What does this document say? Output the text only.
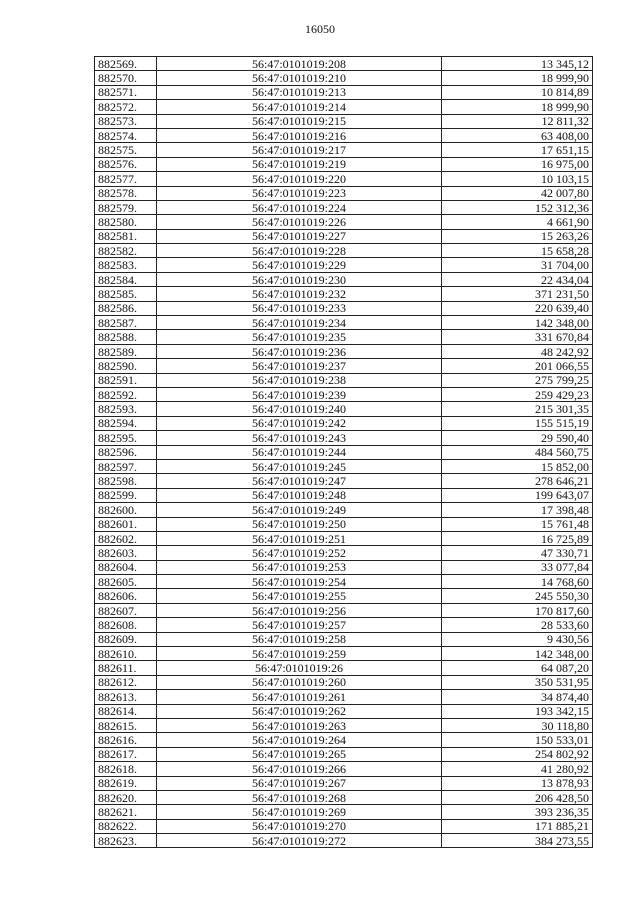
16050
882569.	56:47:0101019:208	13 345,12
882570.	56:47:0101019:210	18 999,90
882571.	56:47:0101019:213	10 814,89
882572.	56:47:0101019:214	18 999,90
882573.	56:47:0101019:215	12 811,32
882574.	56:47:0101019:216	63 408,00
882575.	56:47:0101019:217	17 651,15
882576.	56:47:0101019:219	16 975,00
882577.	56:47:0101019:220	10 103,15
882578.	56:47:0101019:223	42 007,80
882579.	56:47:0101019:224	152 312,36
882580.	56:47:0101019:226	4 661,90
882581.	56:47:0101019:227	15 263,26
882582.	56:47:0101019:228	15 658,28
882583.	56:47:0101019:229	31 704,00
882584.	56:47:0101019:230	22 434,04
882585.	56:47:0101019:232	371 231,50
882586.	56:47:0101019:233	220 639,40
882587.	56:47:0101019:234	142 348,00
882588.	56:47:0101019:235	331 670,84
882589.	56:47:0101019:236	48 242,92
882590.	56:47:0101019:237	201 066,55
882591.	56:47:0101019:238	275 799,25
882592.	56:47:0101019:239	259 429,23
882593.	56:47:0101019:240	215 301,35
882594.	56:47:0101019:242	155 515,19
882595.	56:47:0101019:243	29 590,40
882596.	56:47:0101019:244	484 560,75
882597.	56:47:0101019:245	15 852,00
882598.	56:47:0101019:247	278 646,21
882599.	56:47:0101019:248	199 643,07
882600.	56:47:0101019:249	17 398,48
882601.	56:47:0101019:250	15 761,48
882602.	56:47:0101019:251	16 725,89
882603.	56:47:0101019:252	47 330,71
882604.	56:47:0101019:253	33 077,84
882605.	56:47:0101019:254	14 768,60
882606.	56:47:0101019:255	245 550,30
882607.	56:47:0101019:256	170 817,60
882608.	56:47:0101019:257	28 533,60
882609.	56:47:0101019:258	9 430,56
882610.	56:47:0101019:259	142 348,00
882611.	56:47:0101019:26	64 087,20
882612.	56:47:0101019:260	350 531,95
882613.	56:47:0101019:261	34 874,40
882614.	56:47:0101019:262	193 342,15
882615.	56:47:0101019:263	30 118,80
882616.	56:47:0101019:264	150 533,01
882617.	56:47:0101019:265	254 802,92
882618.	56:47:0101019:266	41 280,92
882619.	56:47:0101019:267	13 878,93
882620.	56:47:0101019:268	206 428,50
882621.	56:47:0101019:269	393 236,35
882622.	56:47:0101019:270	171 885,21
882623.	56:47:0101019:272	384 273,55
